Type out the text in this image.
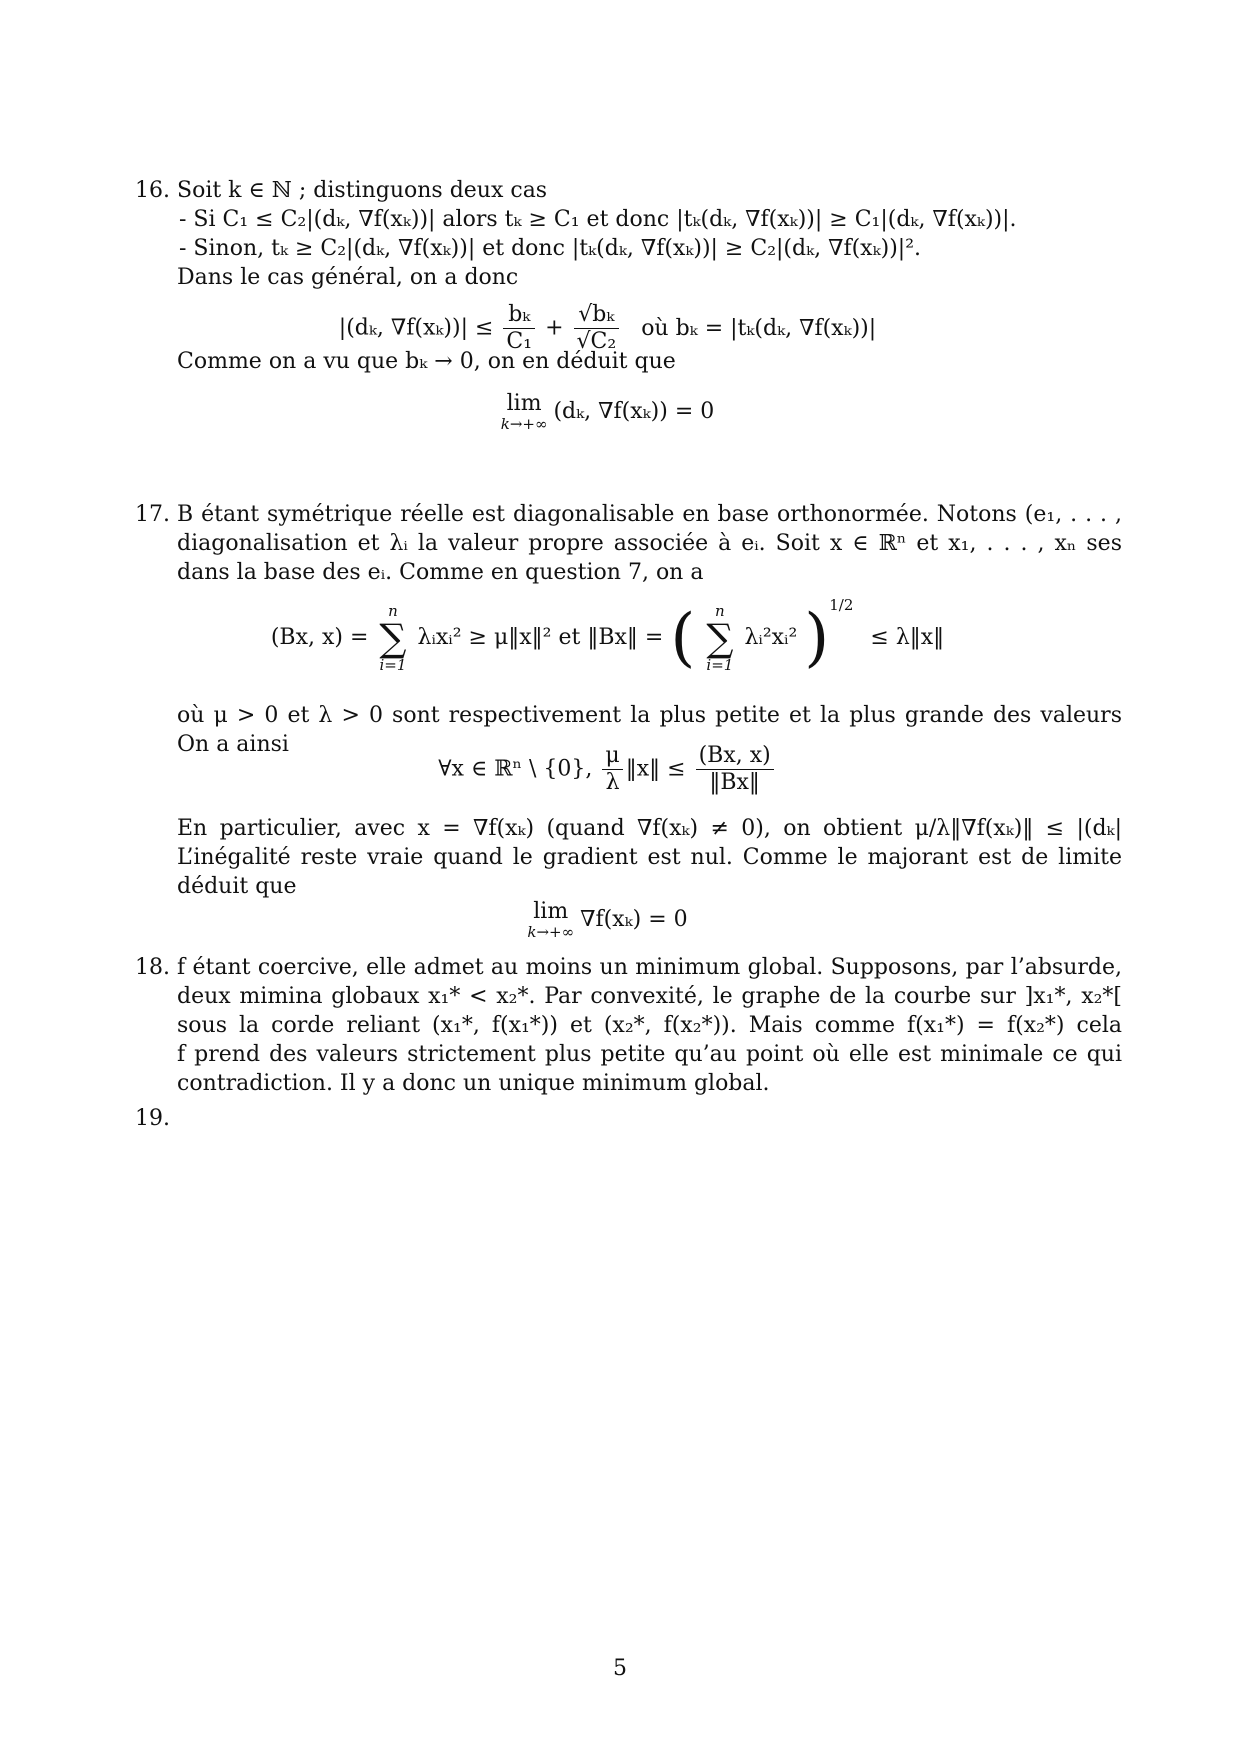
16. Soit k ∈ ℕ ; distinguons deux cas
- Si C₁ ≤ C₂|(dₖ, ∇f(xₖ))| alors tₖ ≥ C₁ et donc |tₖ(dₖ, ∇f(xₖ))| ≥ C₁|(dₖ, ∇f(xₖ))|.
- Sinon, tₖ ≥ C₂|(dₖ, ∇f(xₖ))| et donc |tₖ(dₖ, ∇f(xₖ))| ≥ C₂|(dₖ, ∇f(xₖ))|².
Dans le cas général, on a donc
|(dₖ, $\nabla f(x_k))| \le \frac{\text{bₖ}}{\text{C₁}} + \frac{\text{√bₖ}}{\text{√C₂}}$ où bₖ = |tₖ(dₖ, ∇f(xₖ))|
Comme on a vu que bₖ → 0, on en déduit que
lim
k→+∞ (dₖ, ∇f(xₖ)) = 0
17. B étant symétrique réelle est diagonalisable en base orthonormée. Notons (e₁, . . . ,
diagonalisation et λᵢ la valeur propre associée à eᵢ. Soit x ∈ ℝⁿ et x₁, . . . , xₙ ses
dans la base des eᵢ. Comme en question 7, on a
(Bx, x) =
n
∑
i=1
λᵢxᵢ² ≥ μ‖x‖² et ‖Bx‖ = (	n
∑
i=1
λᵢ²xᵢ² )$^{1/2}$ ≤ λ‖x‖
où μ > 0 et λ > 0 sont respectivement la plus petite et la plus grande des valeurs
On a ainsi
∀x ∈ ℝⁿ \ {0}, $\frac{\mu}{\lambda}$ ‖x‖ ≤ $\frac{(Bx, x)}{‖Bx‖}$
En particulier, avec x = ∇f(xₖ) (quand ∇f(xₖ) ≠ 0), on obtient μ/λ‖∇f(xₖ)‖ ≤ |(dₖ|
L’inégalité reste vraie quand le gradient est nul. Comme le majorant est de limite
déduit que
lim
k→+∞ ∇f(xₖ) = 0
18. f étant coercive, elle admet au moins un minimum global. Supposons, par l’absurde,
deux mimina globaux x₁* < x₂*. Par convexité, le graphe de la courbe sur ]x₁*, x₂*[
sous la corde reliant (x₁*, f(x₁*)) et (x₂*, f(x₂*)). Mais comme f(x₁*) = f(x₂*) cela
f prend des valeurs strictement plus petite qu’au point où elle est minimale ce qui
contradiction. Il y a donc un unique minimum global.
19.
5
